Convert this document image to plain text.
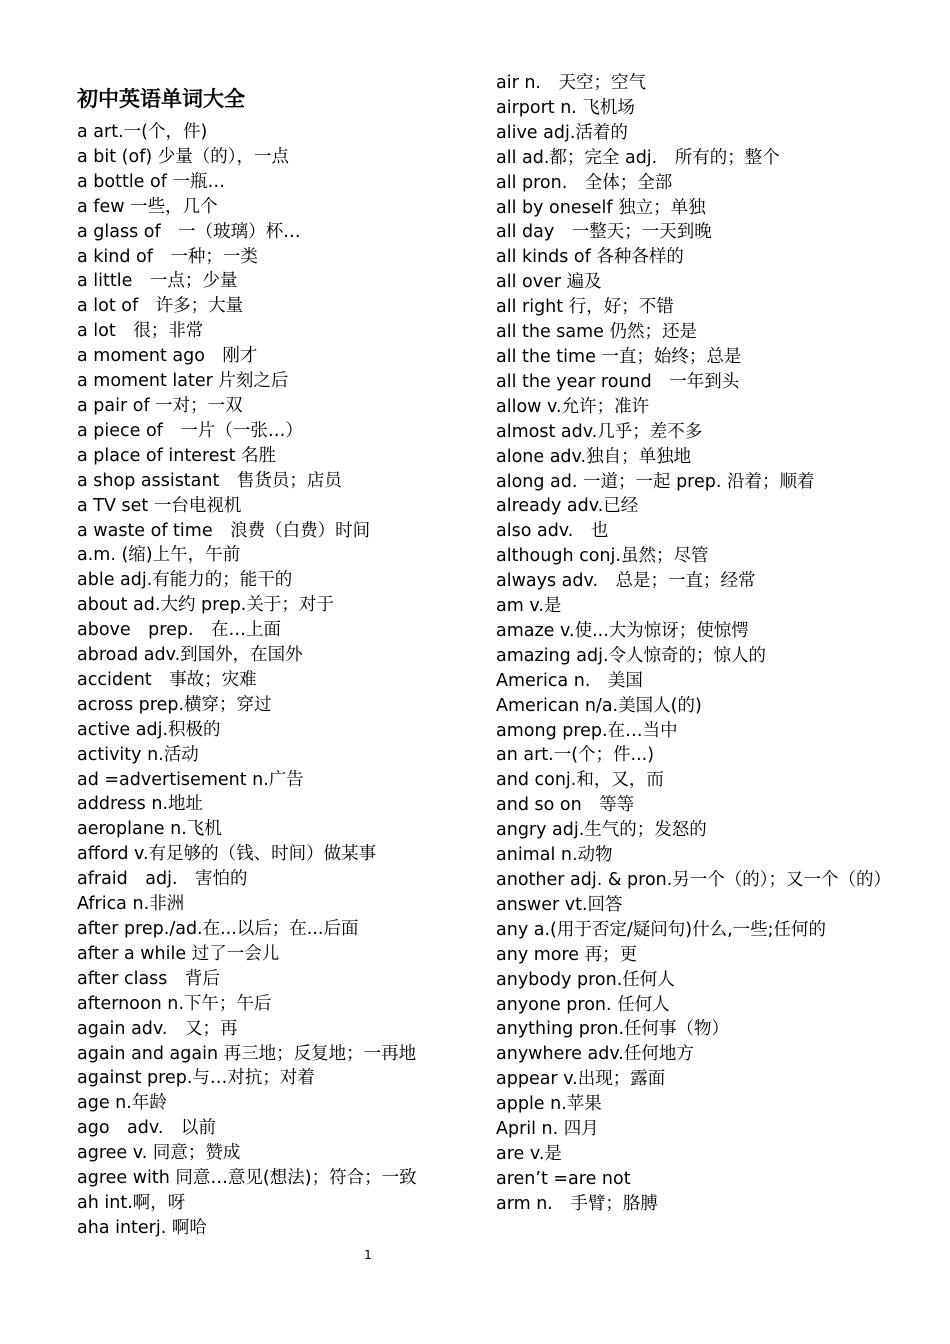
初中英语单词大全
a art.一(个，件)
a bit (of) 少量（的），一点
a bottle of 一瓶…
a few 一些，几个
a glass of　一（玻璃）杯…
a kind of　一种；一类
a little　一点；少量
a lot of　许多；大量
a lot　很；非常
a moment ago　刚才
a moment later 片刻之后
a pair of 一对；一双
a piece of　一片（一张…）
a place of interest 名胜
a shop assistant　售货员；店员
a TV set 一台电视机
a waste of time　浪费（白费）时间
a.m. (缩)上午，午前
able adj.有能力的；能干的
about ad.大约 prep.关于；对于
above　prep.　在…上面
abroad adv.到国外，在国外
accident　事故；灾难
across prep.横穿；穿过
active adj.积极的
activity n.活动
ad =advertisement n.广告
address n.地址
aeroplane n.飞机
afford v.有足够的（钱、时间）做某事
afraid　adj.　害怕的
Africa n.非洲
after prep./ad.在...以后；在...后面
after a while 过了一会儿
after class　背后
afternoon n.下午；午后
again adv.　又；再
again and again 再三地；反复地；一再地
against prep.与…对抗；对着
age n.年龄
ago　adv.　以前
agree v. 同意；赞成
agree with 同意…意见(想法)；符合；一致
ah int.啊，呀
aha interj. 啊哈
air n.　天空；空气
airport n. 飞机场
alive adj.活着的
all ad.都；完全 adj.　所有的；整个
all pron.　全体；全部
all by oneself 独立；单独
all day　一整天；一天到晚
all kinds of 各种各样的
all over 遍及
all right 行，好；不错
all the same 仍然；还是
all the time 一直；始终；总是
all the year round　一年到头
allow v.允许；准许
almost adv.几乎；差不多
alone adv.独自；单独地
along ad. 一道；一起 prep. 沿着；顺着
already adv.已经
also adv.　也
although conj.虽然；尽管
always adv.　总是；一直；经常
am v.是
amaze v.使...大为惊讶；使惊愕
amazing adj.令人惊奇的；惊人的
America n.　美国
American n/a.美国人(的)
among prep.在…当中
an art.一(个；件...)
and conj.和，又，而
and so on　等等
angry adj.生气的；发怒的
animal n.动物
another adj. & pron.另一个（的）；又一个（的）
answer vt.回答
any a.(用于否定/疑问句)什么,一些;任何的
any more 再；更
anybody pron.任何人
anyone pron. 任何人
anything pron.任何事（物）
anywhere adv.任何地方
appear v.出现；露面
apple n.苹果
April n. 四月
are v.是
aren’t =are not
arm n.　手臂；胳膊
1
